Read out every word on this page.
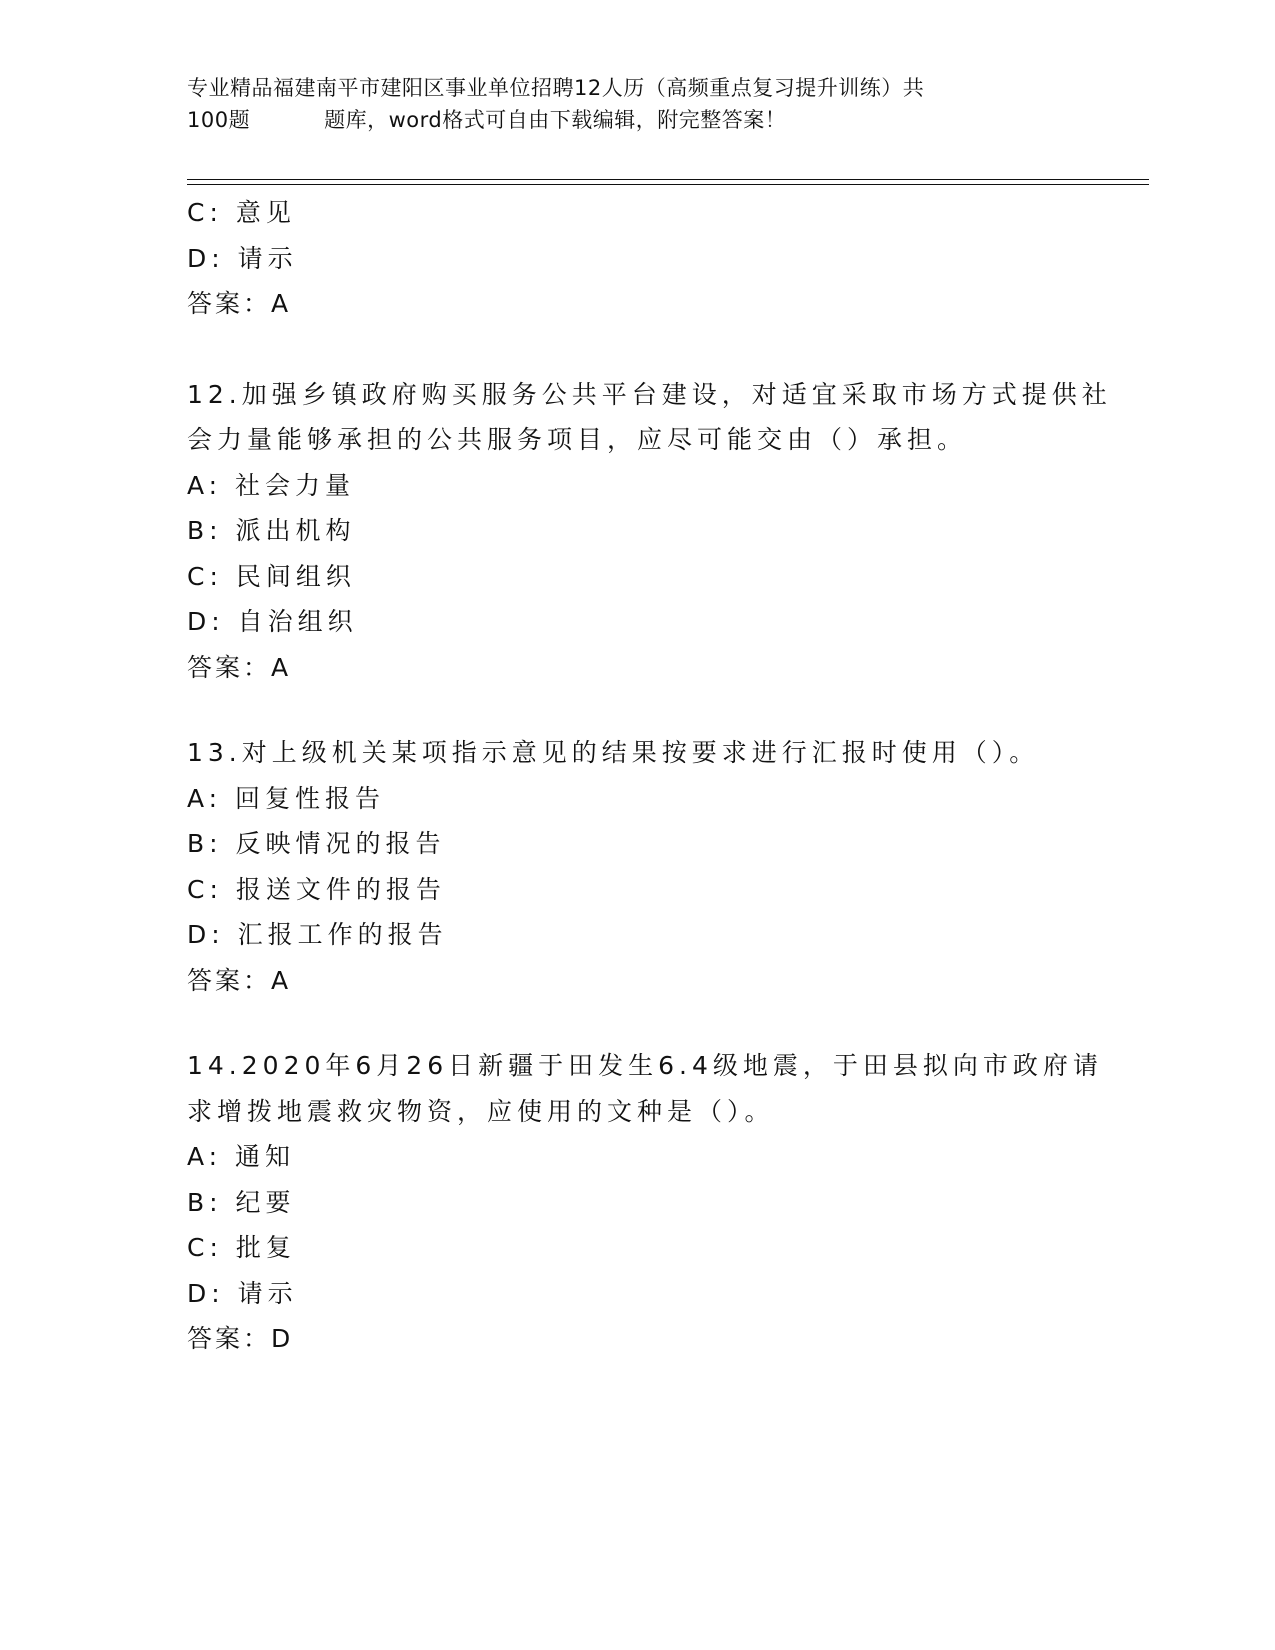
专业精品福建南平市建阳区事业单位招聘12人历（高频重点复习提升训练）共
100题	题库，word格式可自由下载编辑，附完整答案！
C: 意见
D: 请示
答案：A
12.加强乡镇政府购买服务公共平台建设，对适宜采取市场方式提供社
会力量能够承担的公共服务项目，应尽可能交由（）承担。
A: 社会力量
B: 派出机构
C: 民间组织
D: 自治组织
答案：A
13.对上级机关某项指示意见的结果按要求进行汇报时使用（）。
A: 回复性报告
B: 反映情况的报告
C: 报送文件的报告
D: 汇报工作的报告
答案：A
14.2020年6月26日新疆于田发生6.4级地震，于田县拟向市政府请
求增拨地震救灾物资，应使用的文种是（）。
A: 通知
B: 纪要
C: 批复
D: 请示
答案：D
